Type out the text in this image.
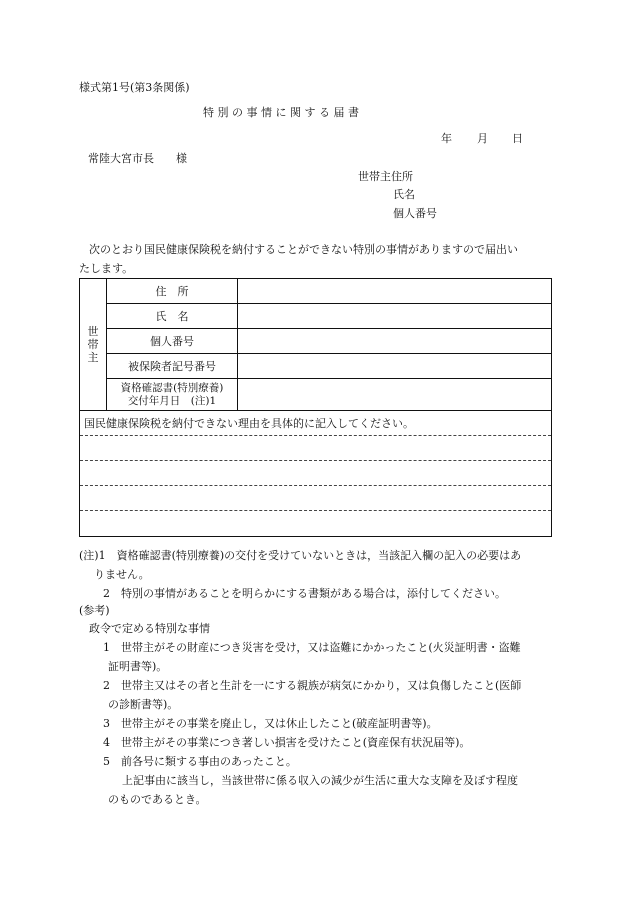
様式第1号(第3条関係)
特 別 の 事 情 に 関 す る 届 書
年 月 日
常陸大宮市長　　様
世帯主住所
氏名
個人番号
次のとおり国民健康保険税を納付することができない特別の事情がありますので届出い
たします。
世
帯
主	住　所	
	氏　名	
	個人番号	
	被保険者記号番号	
	資格確認書(特別療養)
交付年月日　(注)1	

国民健康保険税を納付できない理由を具体的に記入してください。		
(注)1　資格確認書(特別療養)の交付を受けていないときは，当該記入欄の記入の必要はあ
りません。
2　特別の事情があることを明らかにする書類がある場合は，添付してください。
(参考)
政令で定める特別な事情
1　世帯主がその財産につき災害を受け，又は盗難にかかったこと(火災証明書・盗難
証明書等)。
2　世帯主又はその者と生計を一にする親族が病気にかかり，又は負傷したこと(医師
の診断書等)。
3　世帯主がその事業を廃止し，又は休止したこと(破産証明書等)。
4　世帯主がその事業につき著しい損害を受けたこと(資産保有状況届等)。
5　前各号に類する事由のあったこと。
上記事由に該当し，当該世帯に係る収入の減少が生活に重大な支障を及ぼす程度
のものであるとき。
